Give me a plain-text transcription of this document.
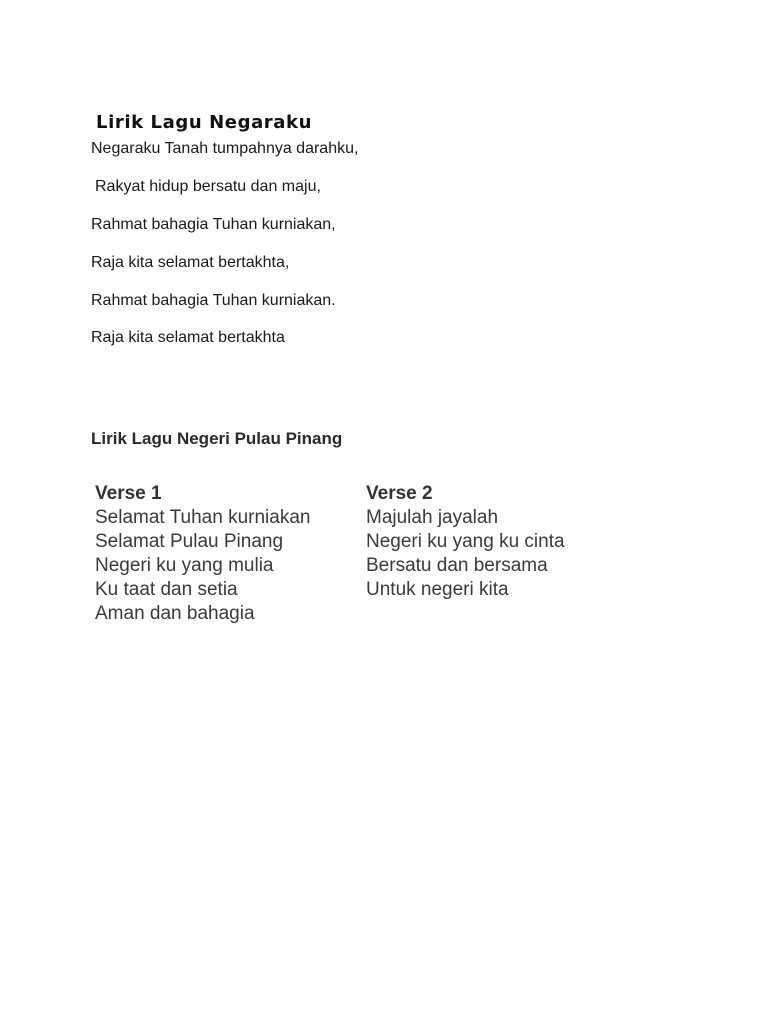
Lirik Lagu Negaraku
Negaraku Tanah tumpahnya darahku,
Rakyat hidup bersatu dan maju,
Rahmat bahagia Tuhan kurniakan,
Raja kita selamat bertakhta,
Rahmat bahagia Tuhan kurniakan.
Raja kita selamat bertakhta
Lirik Lagu Negeri Pulau Pinang
Verse 1
Selamat Tuhan kurniakan
Selamat Pulau Pinang
Negeri ku yang mulia
Ku taat dan setia
Aman dan bahagia
Verse 2
Majulah jayalah
Negeri ku yang ku cinta
Bersatu dan bersama
Untuk negeri kita
